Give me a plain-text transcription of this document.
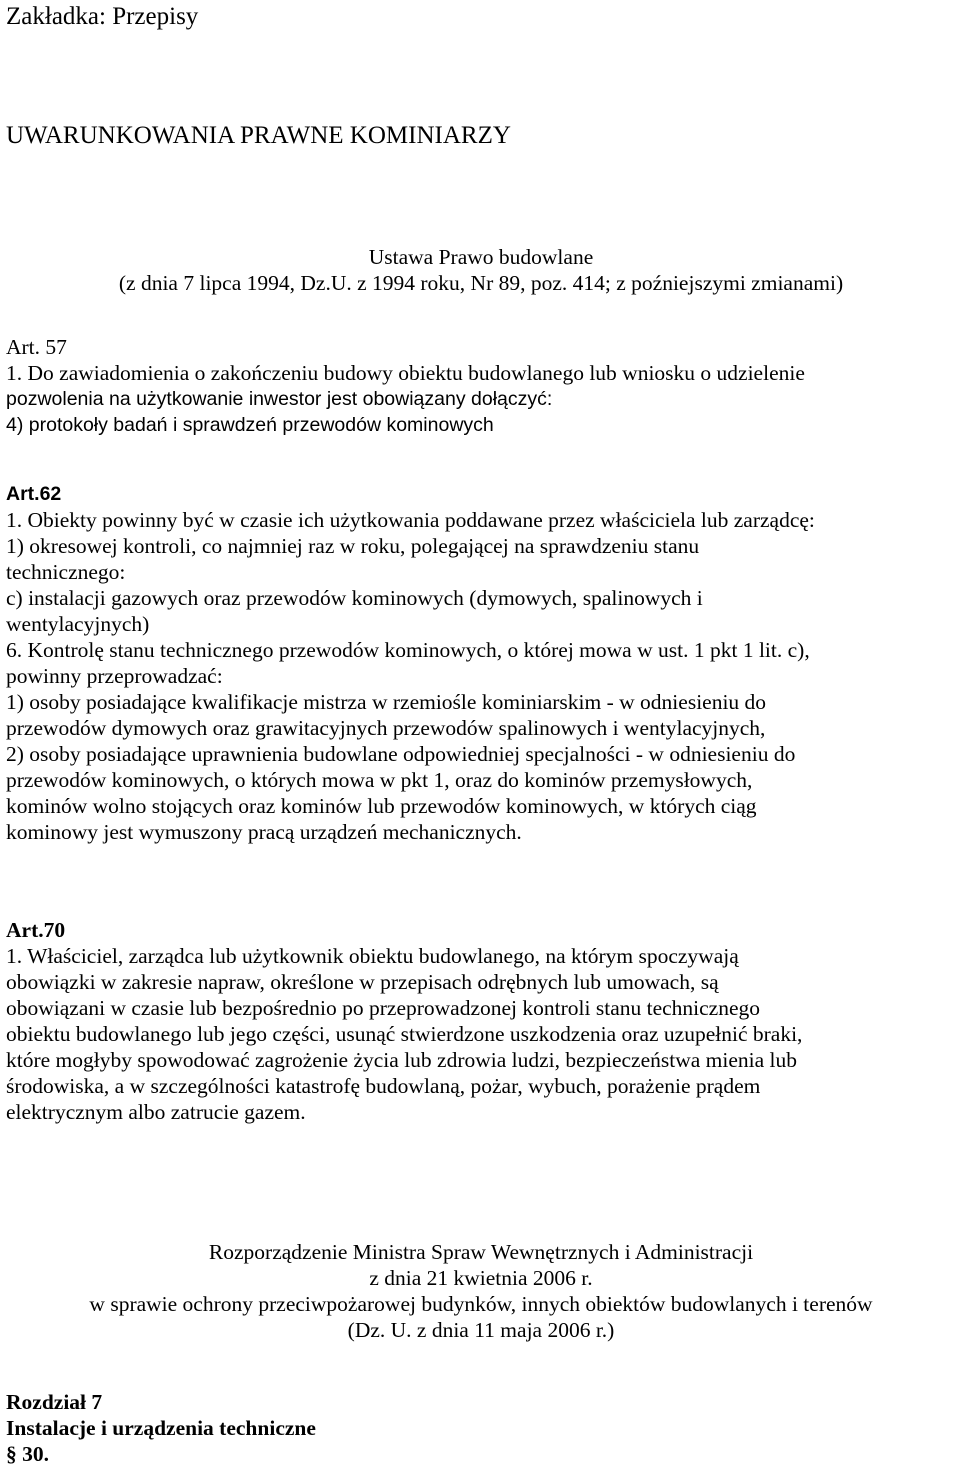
Zakładka: Przepisy
UWARUNKOWANIA PRAWNE KOMINIARZY
Ustawa Prawo budowlane
(z dnia 7 lipca 1994, Dz.U. z 1994 roku, Nr 89, poz. 414; z poźniejszymi zmianami)
Art. 57
1. Do zawiadomienia o zakończeniu budowy obiektu budowlanego lub wniosku o udzielenie
pozwolenia na użytkowanie inwestor jest obowiązany dołączyć:
4) protokoły badań i sprawdzeń przewodów kominowych
Art.62
1. Obiekty powinny być w czasie ich użytkowania poddawane przez właściciela lub zarządcę:
1) okresowej kontroli, co najmniej raz w roku, polegającej na sprawdzeniu stanu
technicznego:
c) instalacji gazowych oraz przewodów kominowych (dymowych, spalinowych i
wentylacyjnych)
6. Kontrolę stanu technicznego przewodów kominowych, o której mowa w ust. 1 pkt 1 lit. c),
powinny przeprowadzać:
1) osoby posiadające kwalifikacje mistrza w rzemiośle kominiarskim - w odniesieniu do
przewodów dymowych oraz grawitacyjnych przewodów spalinowych i wentylacyjnych,
2) osoby posiadające uprawnienia budowlane odpowiedniej specjalności - w odniesieniu do
przewodów kominowych, o których mowa w pkt 1, oraz do kominów przemysłowych,
kominów wolno stojących oraz kominów lub przewodów kominowych, w których ciąg
kominowy jest wymuszony pracą urządzeń mechanicznych.
Art.70
1. Właściciel, zarządca lub użytkownik obiektu budowlanego, na którym spoczywają
obowiązki w zakresie napraw, określone w przepisach odrębnych lub umowach, są
obowiązani w czasie lub bezpośrednio po przeprowadzonej kontroli stanu technicznego
obiektu budowlanego lub jego części, usunąć stwierdzone uszkodzenia oraz uzupełnić braki,
które mogłyby spowodować zagrożenie życia lub zdrowia ludzi, bezpieczeństwa mienia lub
środowiska, a w szczególności katastrofę budowlaną, pożar, wybuch, porażenie prądem
elektrycznym albo zatrucie gazem.
Rozporządzenie Ministra Spraw Wewnętrznych i Administracji
z dnia 21 kwietnia 2006 r.
w sprawie ochrony przeciwpożarowej budynków, innych obiektów budowlanych i terenów
(Dz. U. z dnia 11 maja 2006 r.)
Rozdział 7
Instalacje i urządzenia techniczne
§ 30.
